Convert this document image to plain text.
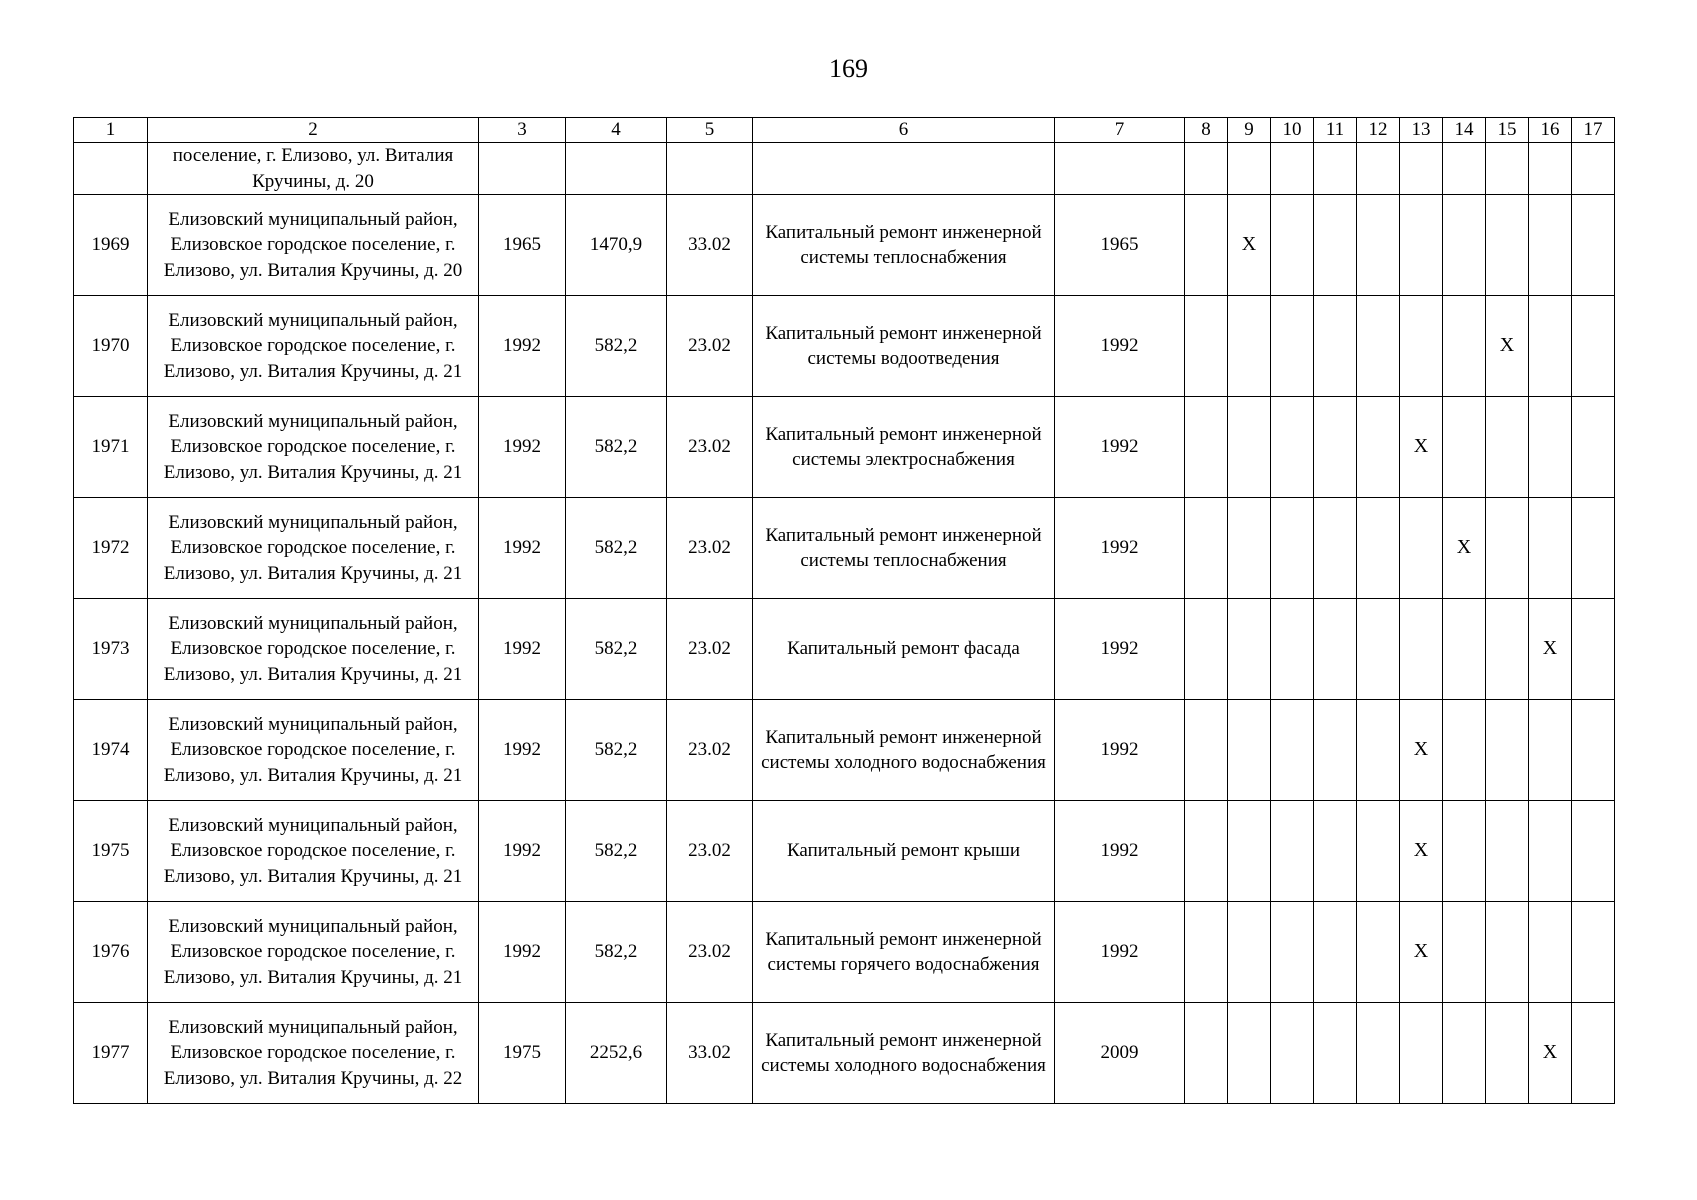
169
1	2	3	4	5	6	7	8	9	10	11	12	13	14	15	16	17
	поселение, г. Елизово, ул. Виталия Кручины, д. 20															
1969	Елизовский муниципальный район, Елизовское городское поселение, г. Елизово, ул. Виталия Кручины, д. 20	1965	1470,9	33.02	Капитальный ремонт инженерной системы теплоснабжения	1965		X								
1970	Елизовский муниципальный район, Елизовское городское поселение, г. Елизово, ул. Виталия Кручины, д. 21	1992	582,2	23.02	Капитальный ремонт инженерной системы водоотведения	1992								X		
1971	Елизовский муниципальный район, Елизовское городское поселение, г. Елизово, ул. Виталия Кручины, д. 21	1992	582,2	23.02	Капитальный ремонт инженерной системы электроснабжения	1992						X				
1972	Елизовский муниципальный район, Елизовское городское поселение, г. Елизово, ул. Виталия Кручины, д. 21	1992	582,2	23.02	Капитальный ремонт инженерной системы теплоснабжения	1992							X			
1973	Елизовский муниципальный район, Елизовское городское поселение, г. Елизово, ул. Виталия Кручины, д. 21	1992	582,2	23.02	Капитальный ремонт фасада	1992									X	
1974	Елизовский муниципальный район, Елизовское городское поселение, г. Елизово, ул. Виталия Кручины, д. 21	1992	582,2	23.02	Капитальный ремонт инженерной системы холодного водоснабжения	1992						X				
1975	Елизовский муниципальный район, Елизовское городское поселение, г. Елизово, ул. Виталия Кручины, д. 21	1992	582,2	23.02	Капитальный ремонт крыши	1992						X				
1976	Елизовский муниципальный район, Елизовское городское поселение, г. Елизово, ул. Виталия Кручины, д. 21	1992	582,2	23.02	Капитальный ремонт инженерной системы горячего водоснабжения	1992						X				
1977	Елизовский муниципальный район, Елизовское городское поселение, г. Елизово, ул. Виталия Кручины, д. 22	1975	2252,6	33.02	Капитальный ремонт инженерной системы холодного водоснабжения	2009									X	
